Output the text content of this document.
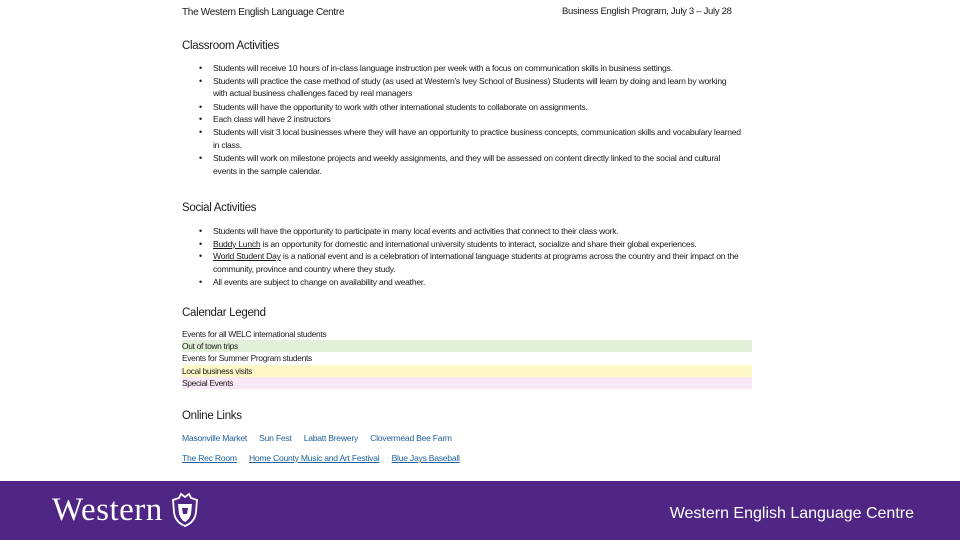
The Western English Language Centre	Business English Program, July 3 – July 28
Classroom Activities
• Students will receive 10 hours of in-class language instruction per week with a focus on communication skills in business settings.
• Students will practice the case method of study (as used at Western's Ivey School of Business) Students will learn by doing and learn by working with actual business challenges faced by real managers
• Students will have the opportunity to work with other international students to collaborate on assignments.
• Each class will have 2 instructors
• Students will visit 3 local businesses where they will have an opportunity to practice business concepts, communication skills and vocabulary learned in class.
• Students will work on milestone projects and weekly assignments, and they will be assessed on content directly linked to the social and cultural events in the sample calendar.
Social Activities
• Students will have the opportunity to participate in many local events and activities that connect to their class work.
• Buddy Lunch is an opportunity for domestic and international university students to interact, socialize and share their global experiences.
• World Student Day is a national event and is a celebration of international language students at programs across the country and their impact on the community, province and country where they study.
• All events are subject to change on availability and weather.
Calendar Legend
Events for all WELC international students
Out of town trips
Events for Summer Program students
Local business visits
Special Events
Online Links
Masonville Market Sun Fest Labatt Brewery Clovermead Bee Farm
The Rec Room Home County Music and Art Festival Blue Jays Baseball
Western	Western English Language Centre
